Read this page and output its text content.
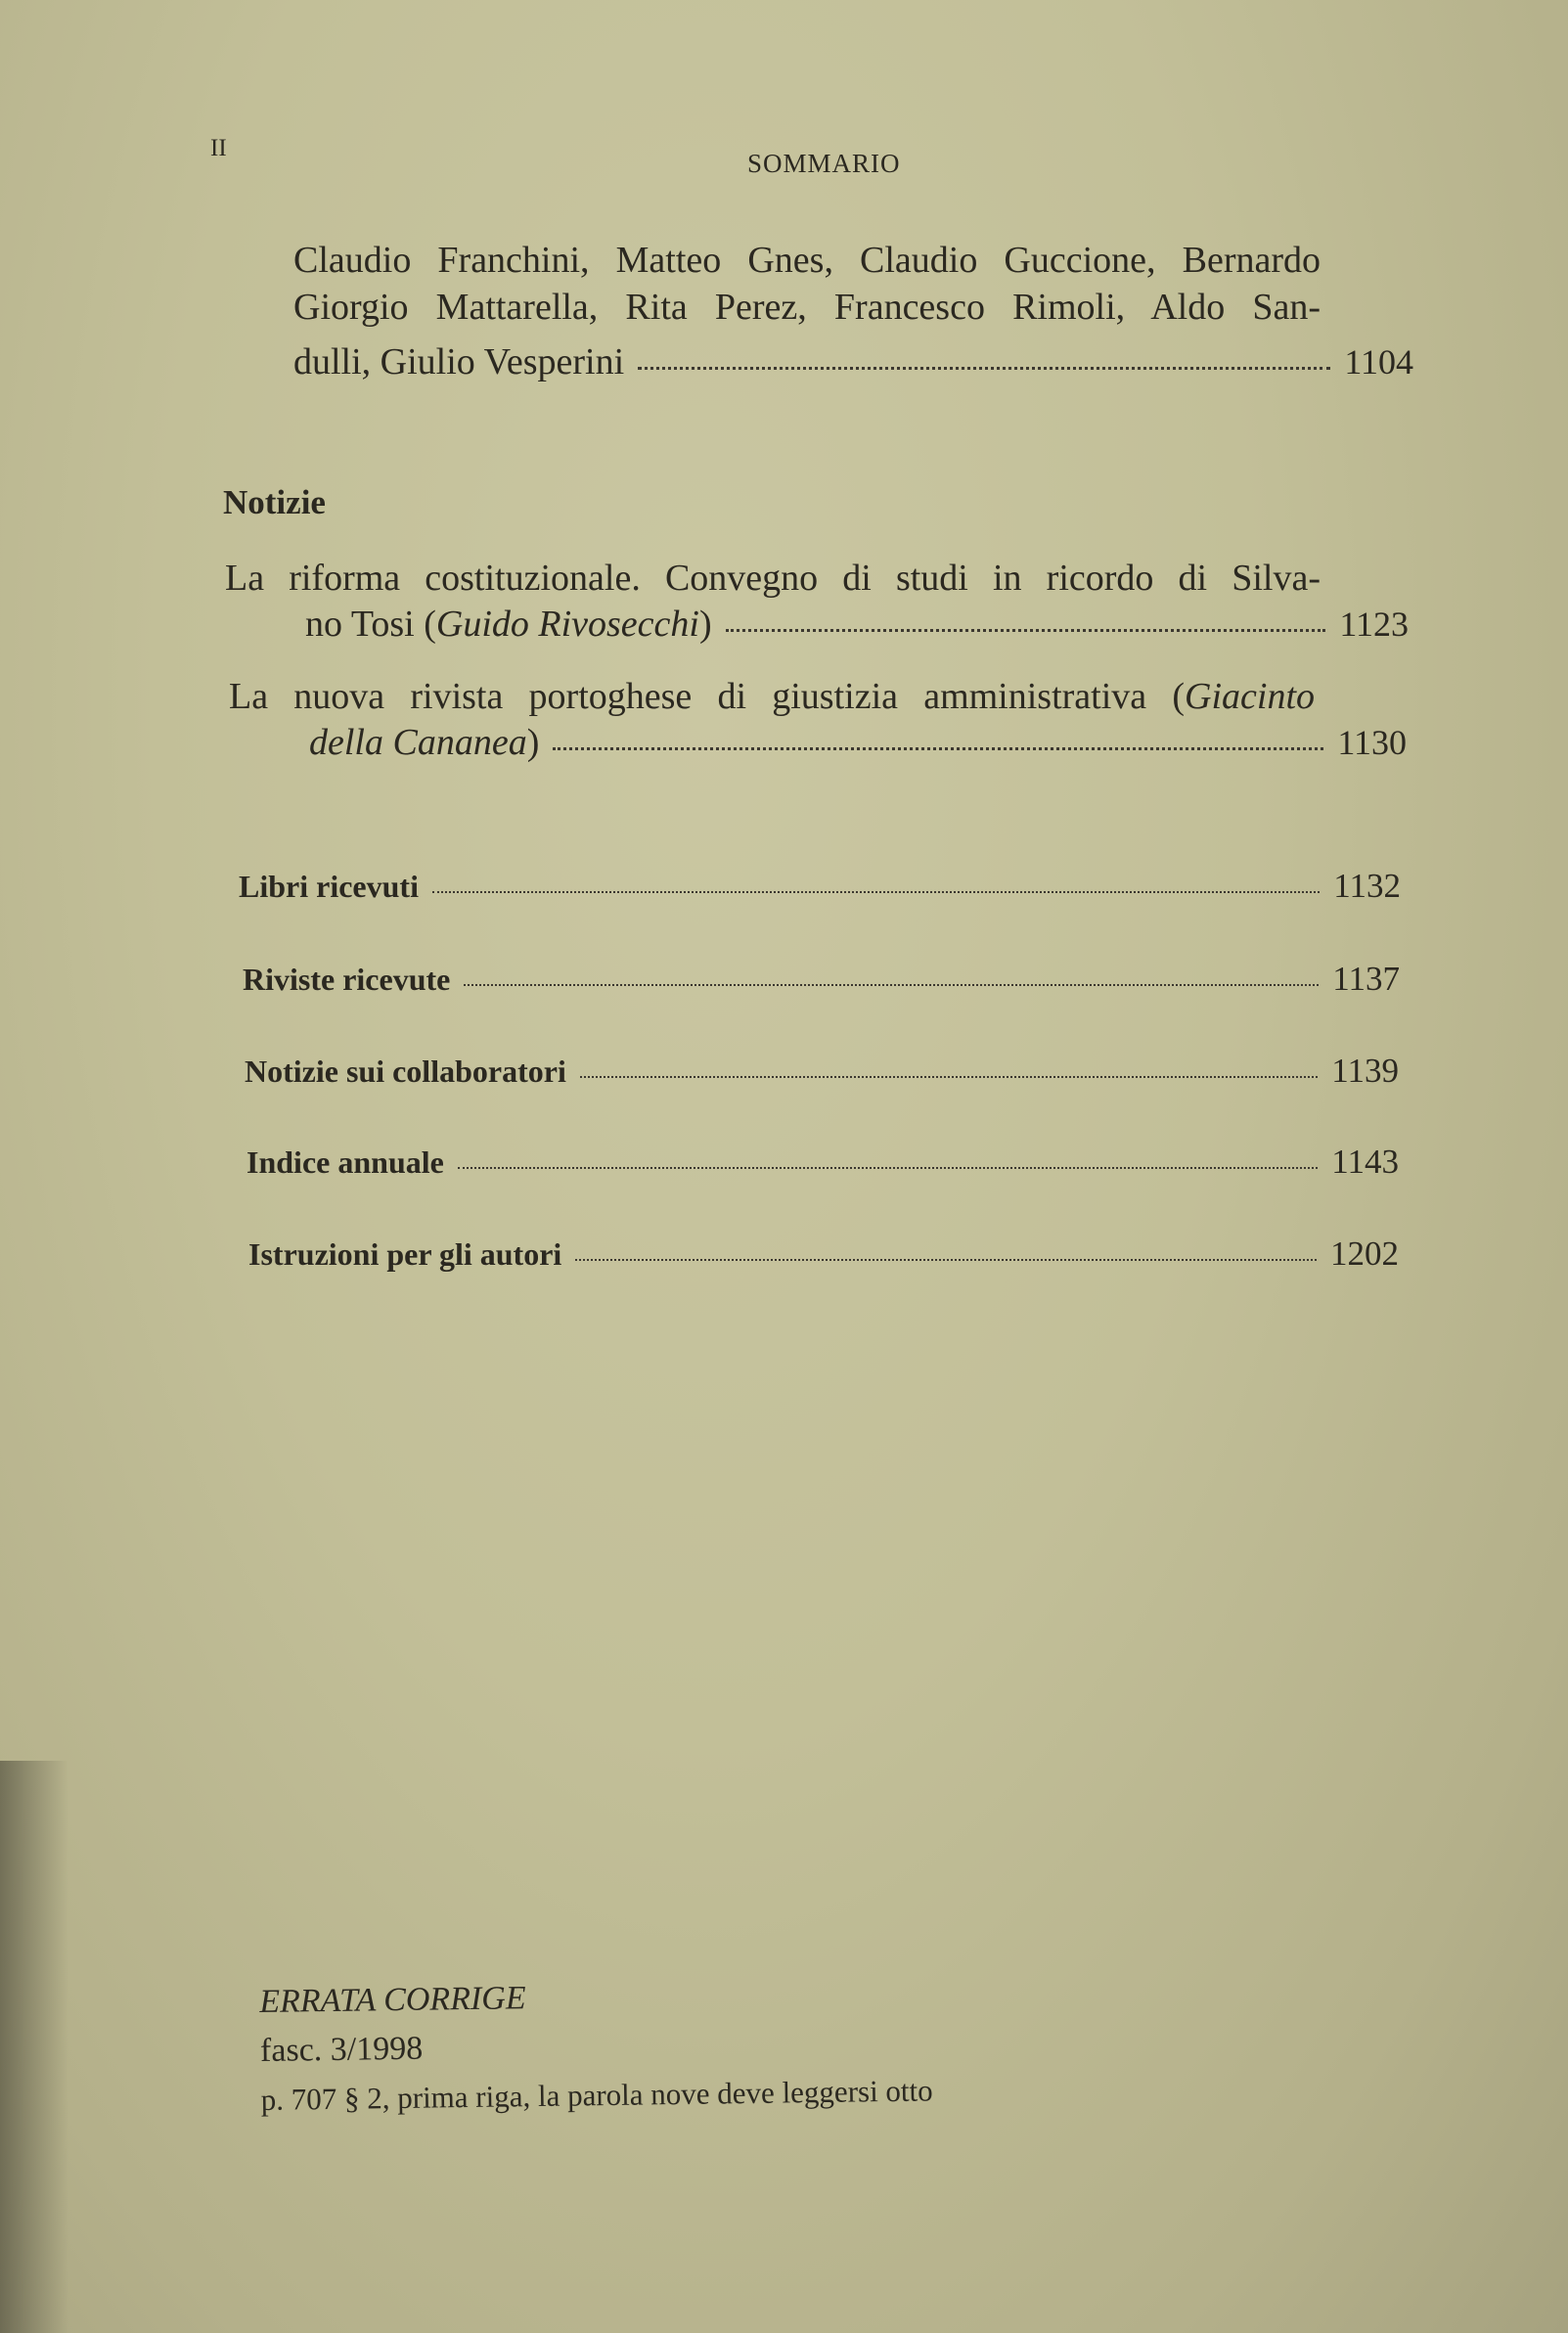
II
SOMMARIO
Claudio Franchini, Matteo Gnes, Claudio Guccione, Bernardo
Giorgio Mattarella, Rita Perez, Francesco Rimoli, Aldo San-
dulli, Giulio Vesperini	1104
Notizie
La riforma costituzionale. Convegno di studi in ricordo di Silva-
no Tosi (Guido Rivosecchi)	1123
La nuova rivista portoghese di giustizia amministrativa (Giacinto
della Cananea)	1130
Libri ricevuti	1132
Riviste ricevute	1137
Notizie sui collaboratori	1139
Indice annuale	1143
Istruzioni per gli autori	1202
ERRATA CORRIGE
fasc. 3/1998
p. 707 § 2, prima riga, la parola nove deve leggersi otto
